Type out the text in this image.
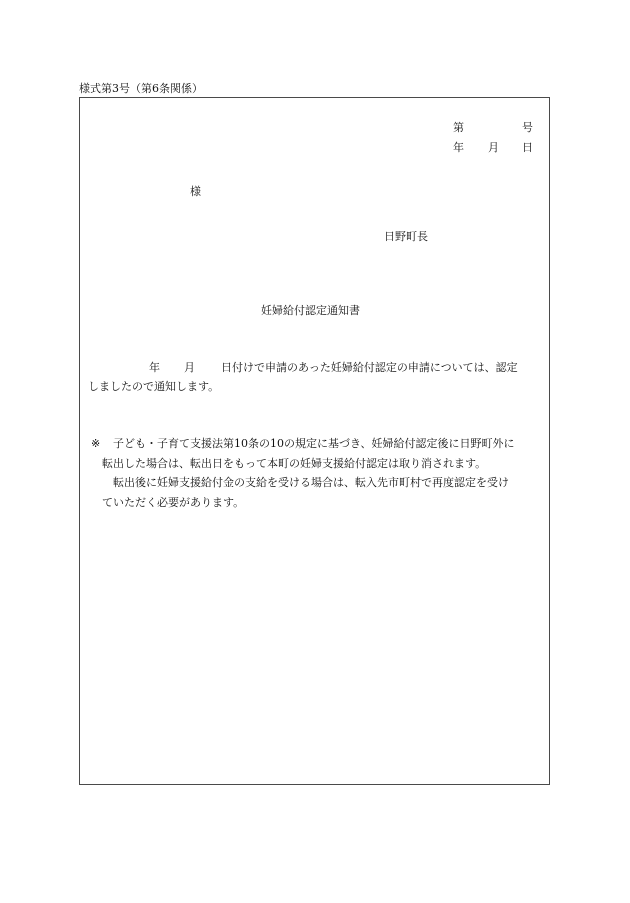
様式第3号（第6条関係）
第	号
年 月 日
様
日野町長
妊婦給付認定通知書
年 月 日付けで申請のあった妊婦給付認定の申請については、認定
しましたので通知します。
※ 子ども・子育て支援法第10条の10の規定に基づき、妊婦給付認定後に日野町外に
転出した場合は、転出日をもって本町の妊婦支援給付認定は取り消されます。
転出後に妊婦支援給付金の支給を受ける場合は、転入先市町村で再度認定を受け
ていただく必要があります。
